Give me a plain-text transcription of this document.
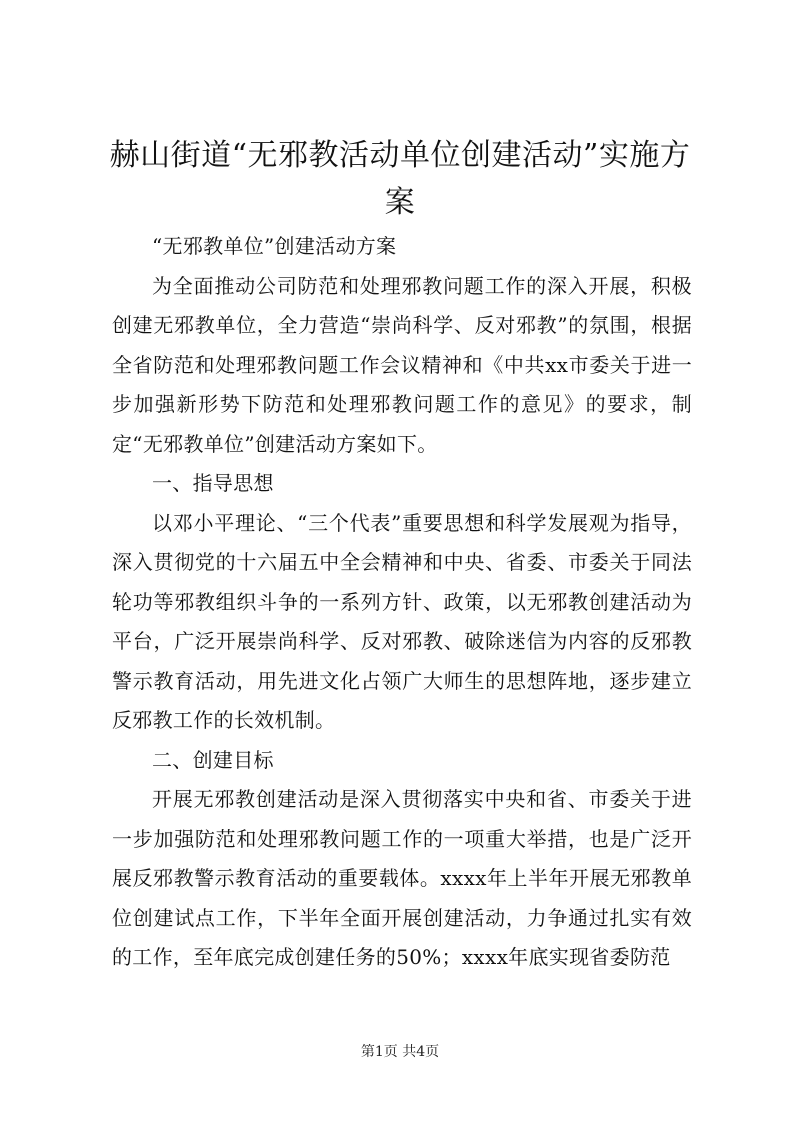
赫山街道“无邪教活动单位创建活动”实施方案

“无邪教单位”创建活动方案

为全面推动公司防范和处理邪教问题工作的深入开展，积极创建无邪教单位，全力营造“崇尚科学、反对邪教”的氛围，根据全省防范和处理邪教问题工作会议精神和《中共xx市委关于进一步加强新形势下防范和处理邪教问题工作的意见》的要求，制定“无邪教单位”创建活动方案如下。

一、指导思想

以邓小平理论、“三个代表”重要思想和科学发展观为指导，深入贯彻党的十六届五中全会精神和中央、省委、市委关于同法轮功等邪教组织斗争的一系列方针、政策，以无邪教创建活动为平台，广泛开展崇尚科学、反对邪教、破除迷信为内容的反邪教警示教育活动，用先进文化占领广大师生的思想阵地，逐步建立反邪教工作的长效机制。

二、创建目标

开展无邪教创建活动是深入贯彻落实中央和省、市委关于进一步加强防范和处理邪教问题工作的一项重大举措，也是广泛开展反邪教警示教育活动的重要载体。xxxx年上半年开展无邪教单位创建试点工作，下半年全面开展创建活动，力争通过扎实有效的工作，至年底完成创建任务的50%；xxxx年底实现省委防范

第1页 共4页
